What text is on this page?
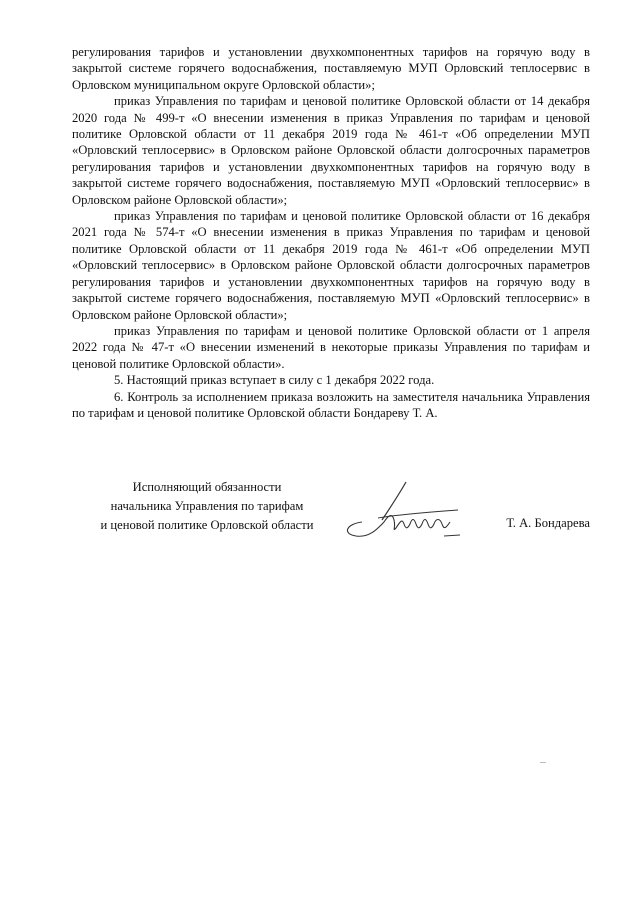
регулирования тарифов и установлении двухкомпонентных тарифов на горячую воду в закрытой системе горячего водоснабжения, поставляемую МУП Орловский теплосервис в Орловском муниципальном округе Орловской области»;

приказ Управления по тарифам и ценовой политике Орловской области от 14 декабря 2020 года № 499-т «О внесении изменения в приказ Управления по тарифам и ценовой политике Орловской области от 11 декабря 2019 года № 461-т «Об определении МУП «Орловский теплосервис» в Орловском районе Орловской области долгосрочных параметров регулирования тарифов и установлении двухкомпонентных тарифов на горячую воду в закрытой системе горячего водоснабжения, поставляемую МУП «Орловский теплосервис» в Орловском районе Орловской области»;

приказ Управления по тарифам и ценовой политике Орловской области от 16 декабря 2021 года № 574-т «О внесении изменения в приказ Управления по тарифам и ценовой политике Орловской области от 11 декабря 2019 года № 461-т «Об определении МУП «Орловский теплосервис» в Орловском районе Орловской области долгосрочных параметров регулирования тарифов и установлении двухкомпонентных тарифов на горячую воду в закрытой системе горячего водоснабжения, поставляемую МУП «Орловский теплосервис» в Орловском районе Орловской области»;

приказ Управления по тарифам и ценовой политике Орловской области от 1 апреля 2022 года № 47-т «О внесении изменений в некоторые приказы Управления по тарифам и ценовой политике Орловской области».

5. Настоящий приказ вступает в силу с 1 декабря 2022 года.

6. Контроль за исполнением приказа возложить на заместителя начальника Управления по тарифам и ценовой политике Орловской области Бондареву Т. А.

Исполняющий обязанности
начальника Управления по тарифам
и ценовой политике Орловской области	Т. А. Бондарева
